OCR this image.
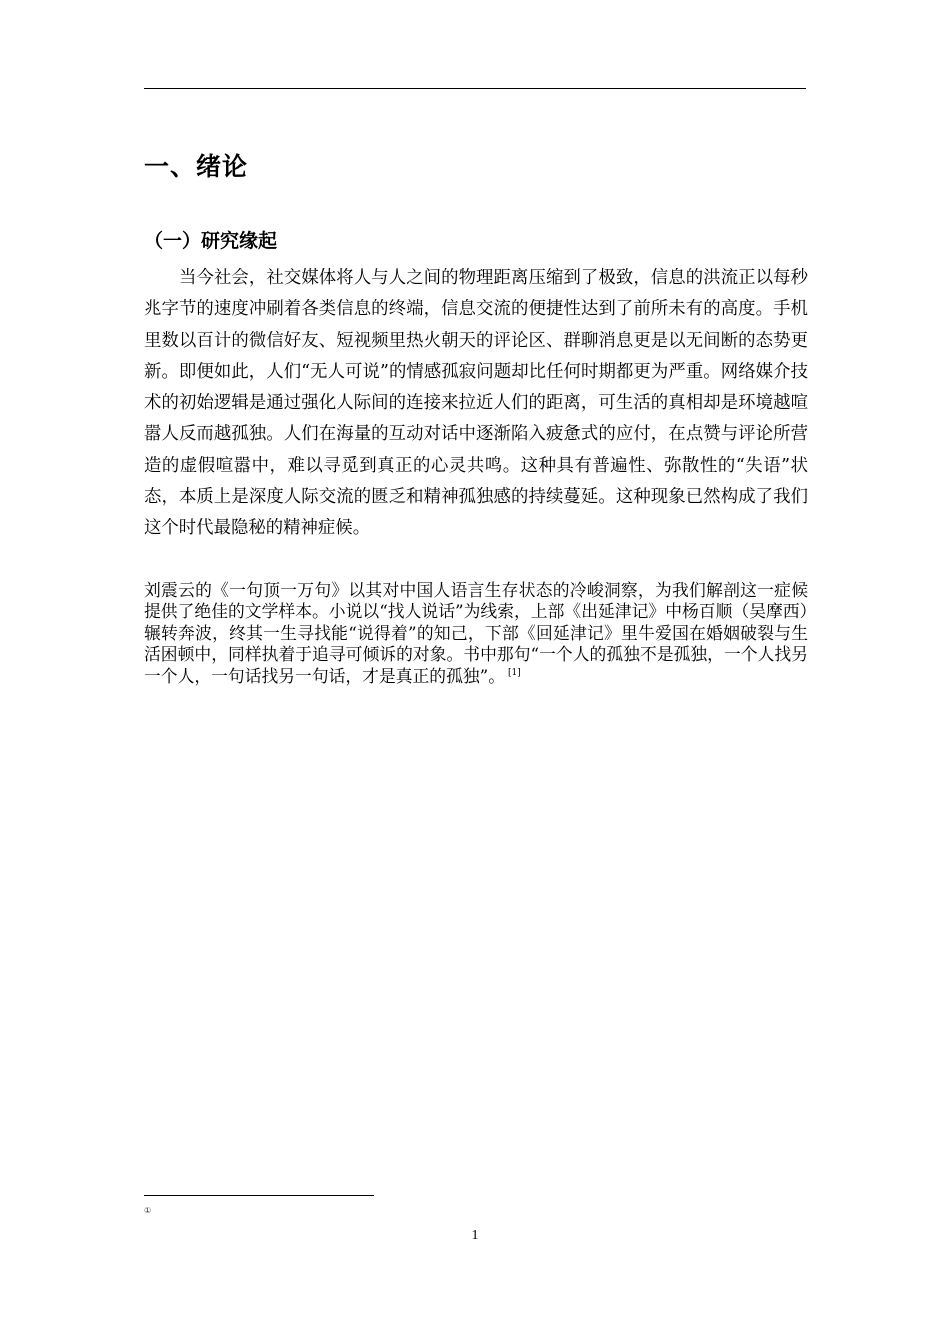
一、绪论
（一）研究缘起

当今社会，社交媒体将人与人之间的物理距离压缩到了极致，信息的洪流正以每秒兆字节的速度冲刷着各类信息的终端，信息交流的便捷性达到了前所未有的高度。手机里数以百计的微信好友、短视频里热火朝天的评论区、群聊消息更是以无间断的态势更新。即便如此，人们“无人可说”的情感孤寂问题却比任何时期都更为严重。网络媒介技术的初始逻辑是通过强化人际间的连接来拉近人们的距离，可生活的真相却是环境越喧嚣人反而越孤独。人们在海量的互动对话中逐渐陷入疲惫式的应付，在点赞与评论所营造的虚假喧嚣中，难以寻觅到真正的心灵共鸣。这种具有普遍性、弥散性的“失语”状态，本质上是深度人际交流的匮乏和精神孤独感的持续蔓延。这种现象已然构成了我们这个时代最隐秘的精神症候。

刘震云的《一句顶一万句》以其对中国人语言生存状态的冷峻洞察，为我们解剖这一症候提供了绝佳的文学样本。小说以“找人说话”为线索，上部《出延津记》中杨百顺（吴摩西）辗转奔波，终其一生寻找能“说得着”的知己，下部《回延津记》里牛爱国在婚姻破裂与生活困顿中，同样执着于追寻可倾诉的对象。书中那句“一个人的孤独不是孤独，一个人找另一个人，一句话找另一句话，才是真正的孤独”。 [1]

①
1
